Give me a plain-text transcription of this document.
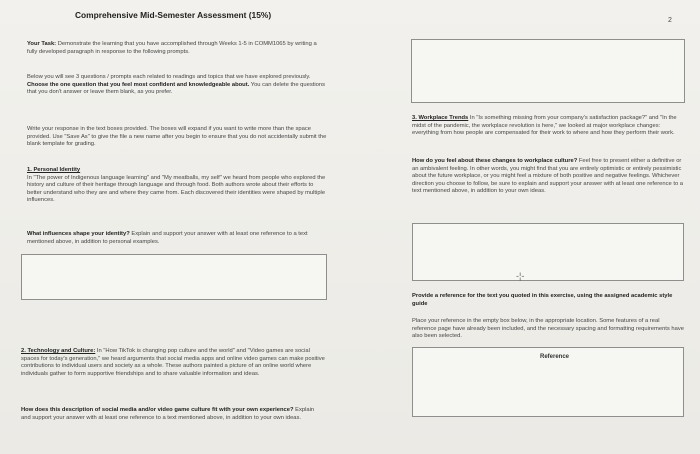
Comprehensive Mid-Semester Assessment (15%)
2

Your Task: Demonstrate the learning that you have accomplished through Weeks 1-5 in COMM1065 by writing a fully developed paragraph in response to the following prompts.

Below you will see 3 questions / prompts each related to readings and topics that we have explored previously. Choose the one question that you feel most confident and knowledgeable about. You can delete the questions that you don't answer or leave them blank, as you prefer.

Write your response in the text boxes provided. The boxes will expand if you want to write more than the space provided. Use "Save As" to give the file a new name after you begin to ensure that you do not accidentally submit the blank template for grading.

1. Personal Identity
In "The power of Indigenous language learning" and "My meatballs, my self" we heard from people who explored the history and culture of their heritage through language and through food. Both authors wrote about their efforts to better understand who they are and where they came from. Each discovered their identities were shaped by multiple influences.

What influences shape your identity? Explain and support your answer with at least one reference to a text mentioned above, in addition to personal examples.

2. Technology and Culture: In "How TikTok is changing pop culture and the world" and "Video games are social spaces for today's generation," we heard arguments that social media apps and online video games can make positive contributions to individual users and society as a whole. These authors painted a picture of an online world where individuals gather to form supportive friendships and to share valuable information and ideas.

How does this description of social media and/or video game culture fit with your own experience? Explain and support your answer with at least one reference to a text mentioned above, in addition to your own ideas.

3. Workplace Trends In "Is something missing from your company's satisfaction package?" and "In the midst of the pandemic, the workplace revolution is here," we looked at major workplace changes: everything from how people are compensated for their work to where and how they perform their work.

How do you feel about these changes to workplace culture? Feel free to present either a definitive or an ambivalent feeling. In other words, you might find that you are entirely optimistic or entirely pessimistic about the future workplace, or you might feel a mixture of both positive and negative feelings. Whichever direction you choose to follow, be sure to explain and support your answer with at least one reference to a text mentioned above, in addition to your own ideas.

-¦-

Provide a reference for the text you quoted in this exercise, using the assigned academic style guide

Place your reference in the empty box below, in the appropriate location. Some features of a real reference page have already been included, and the necessary spacing and formatting requirements have also been selected.

Reference
